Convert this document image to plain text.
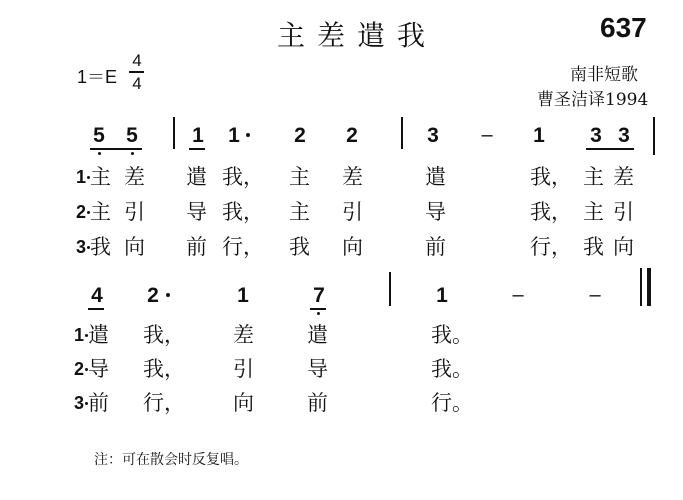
主差遣我	637
南非短歌
曹圣洁译1994
1＝E
4
4
5 5	1 1	2 2	3 – 1 3 3
1
2
3
主 差 遣 我， 主 差	遣	我， 主 差
主 引 导 我， 主 引	导	我， 主 引
我 向 前 行， 我 向	前	行， 我 向
4 2	1	7	1	–	–
1
2
3
遣 我， 差	遣	我。
导 我， 引	导	我。
前 行， 向	前	行。
注：可在散会时反复唱。
